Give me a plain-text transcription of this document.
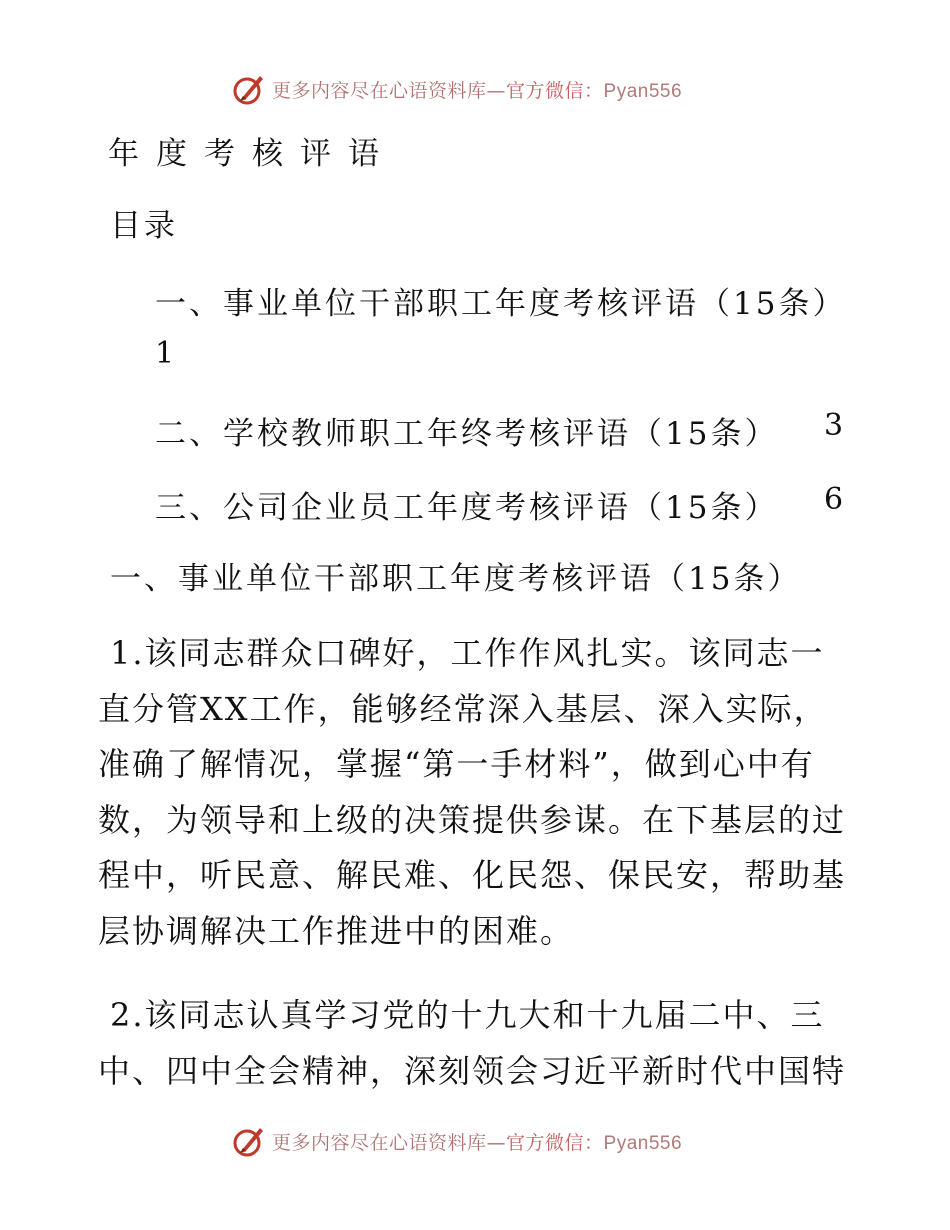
更多内容尽在心语资料库—官方微信：Pyan556
年度考核评语
目录
一、事业单位干部职工年度考核评语（15条）
1
二、学校教师职工年终考核评语（15条） 3
三、公司企业员工年度考核评语（15条） 6
一、事业单位干部职工年度考核评语（15条）

1.该同志群众口碑好，工作作风扎实。该同志一直分管XX工作，能够经常深入基层、深入实际，准确了解情况，掌握“第一手材料”，做到心中有数，为领导和上级的决策提供参谋。在下基层的过程中，听民意、解民难、化民怨、保民安，帮助基层协调解决工作推进中的困难。

2.该同志认真学习党的十九大和十九届二中、三中、四中全会精神，深刻领会习近平新时代中国特

更多内容尽在心语资料库—官方微信：Pyan556
